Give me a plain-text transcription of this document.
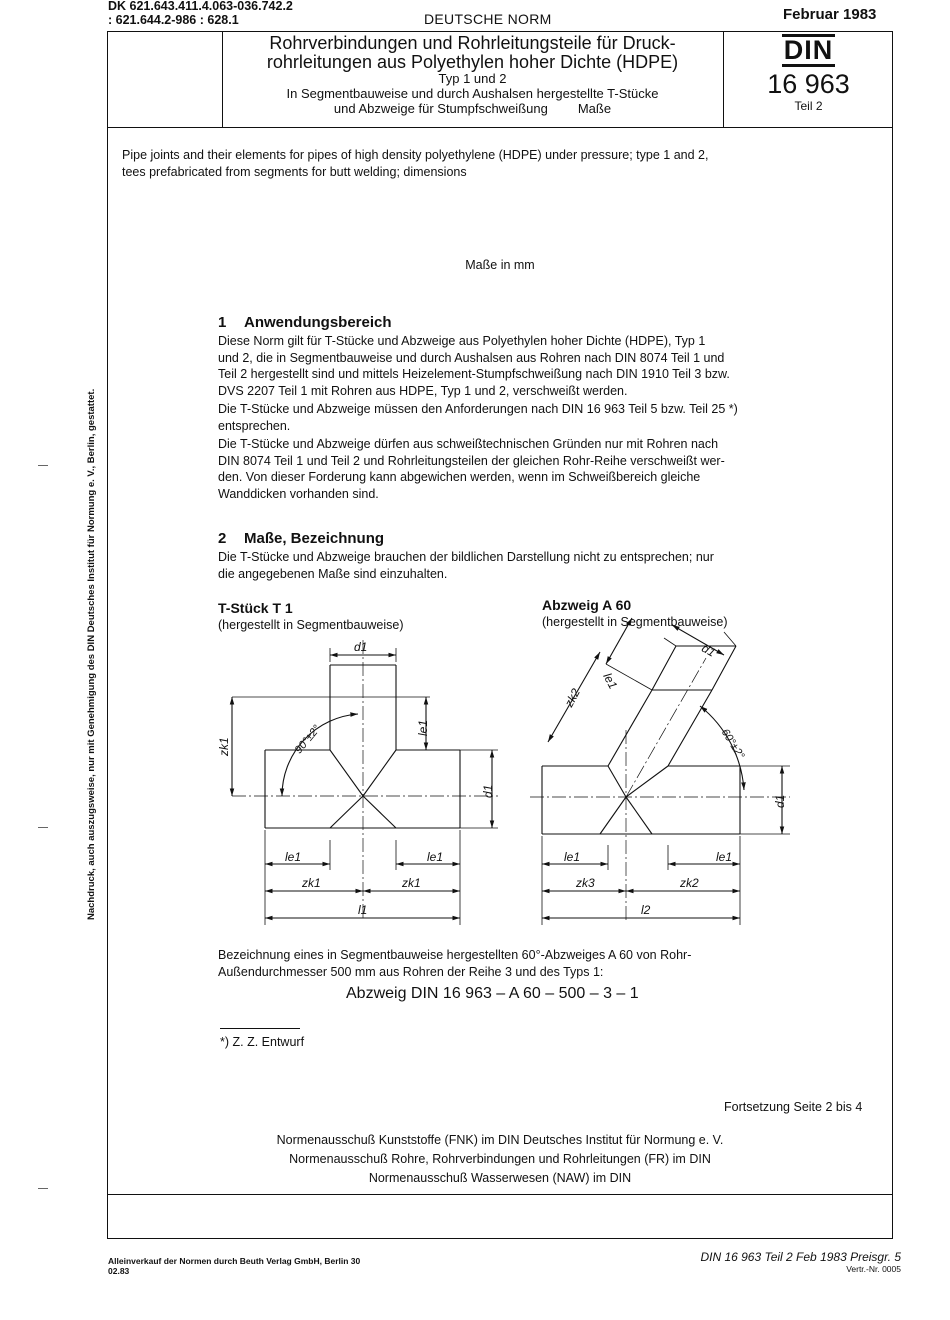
DK 621.643.411.4.063-036.742.2
: 621.644.2-986 : 628.1	DEUTSCHE NORM	Februar 1983
Rohrverbindungen und Rohrleitungsteile für Druck-
rohrleitungen aus Polyethylen hoher Dichte (HDPE)
Typ 1 und 2
In Segmentbauweise und durch Aushalsen hergestellte T-Stücke
und Abzweige für Stumpfschweißung Maße
DIN
16 963
Teil 2
Pipe joints and their elements for pipes of high density polyethylene (HDPE) under pressure; type 1 and 2,
tees prefabricated from segments for butt welding; dimensions
Maße in mm
1 Anwendungsbereich

Diese Norm gilt für T-Stücke und Abzweige aus Polyethylen hoher Dichte (HDPE), Typ 1
und 2, die in Segmentbauweise und durch Aushalsen aus Rohren nach DIN 8074 Teil 1 und
Teil 2 hergestellt sind und mittels Heizelement-Stumpfschweißung nach DIN 1910 Teil 3 bzw.
DVS 2207 Teil 1 mit Rohren aus HDPE, Typ 1 und 2, verschweißt werden.

Die T-Stücke und Abzweige müssen den Anforderungen nach DIN 16 963 Teil 5 bzw. Teil 25 *)
entsprechen.

Die T-Stücke und Abzweige dürfen aus schweißtechnischen Gründen nur mit Rohren nach
DIN 8074 Teil 1 und Teil 2 und Rohrleitungsteilen der gleichen Rohr-Reihe verschweißt wer-
den. Von dieser Forderung kann abgewichen werden, wenn im Schweißbereich gleiche
Wanddicken vorhanden sind.

2 Maße, Bezeichnung
Die T-Stücke und Abzweige brauchen der bildlichen Darstellung nicht zu entsprechen; nur
die angegebenen Maße sind einzuhalten.
T-Stück T 1
(hergestellt in Segmentbauweise)
Abzweig A 60
(hergestellt in Segmentbauweise)
d1
le1
zk1
d1
90°±2°
le1	le1
zk1	zk1
l1
d1
le1
zk2
60°±2°
d1
le1	le1
zk3	zk2
l2
Bezeichnung eines in Segmentbauweise hergestellten 60°-Abzweiges A 60 von Rohr-
Außendurchmesser 500 mm aus Rohren der Reihe 3 und des Typs 1:
Abzweig DIN 16 963 – A 60 – 500 – 3 – 1
*) Z. Z. Entwurf
Fortsetzung Seite 2 bis 4
Normenausschuß Kunststoffe (FNK) im DIN Deutsches Institut für Normung e. V.
Normenausschuß Rohre, Rohrverbindungen und Rohrleitungen (FR) im DIN
Normenausschuß Wasserwesen (NAW) im DIN
Alleinverkauf der Normen durch Beuth Verlag GmbH, Berlin 30
02.83
DIN 16 963 Teil 2 Feb 1983 Preisgr. 5
Vertr.-Nr. 0005
Nachdruck, auch auszugsweise, nur mit Genehmigung des DIN Deutsches Institut für Normung e. V., Berlin, gestattet.
